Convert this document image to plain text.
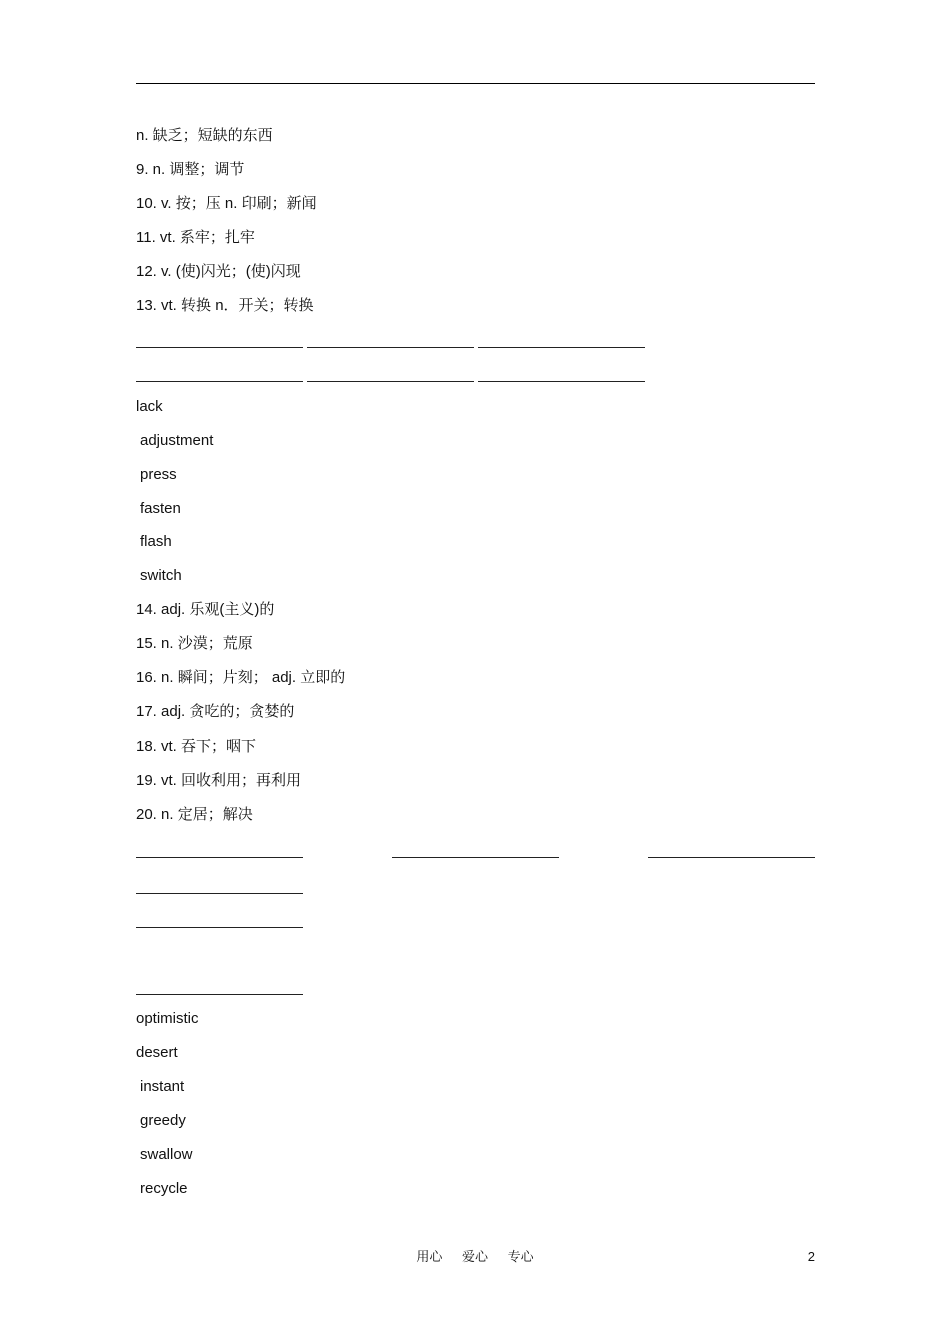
n. 缺乏；短缺的东西
9. n. 调整；调节
10. v. 按；压 n. 印刷；新闻
11. vt. 系牢；扎牢
12. v. (使)闪光；(使)闪现
13. vt. 转换 n．开关；转换
lack
adjustment
press
fasten
flash
switch
14. adj. 乐观(主义)的
15. n. 沙漠；荒原
16. n. 瞬间；片刻； adj. 立即的
17. adj. 贪吃的；贪婪的
18. vt. 吞下；咽下
19. vt. 回收利用；再利用
20. n. 定居；解决
optimistic
desert
instant
greedy
swallow
recycle
用心 爱心 专心	2
